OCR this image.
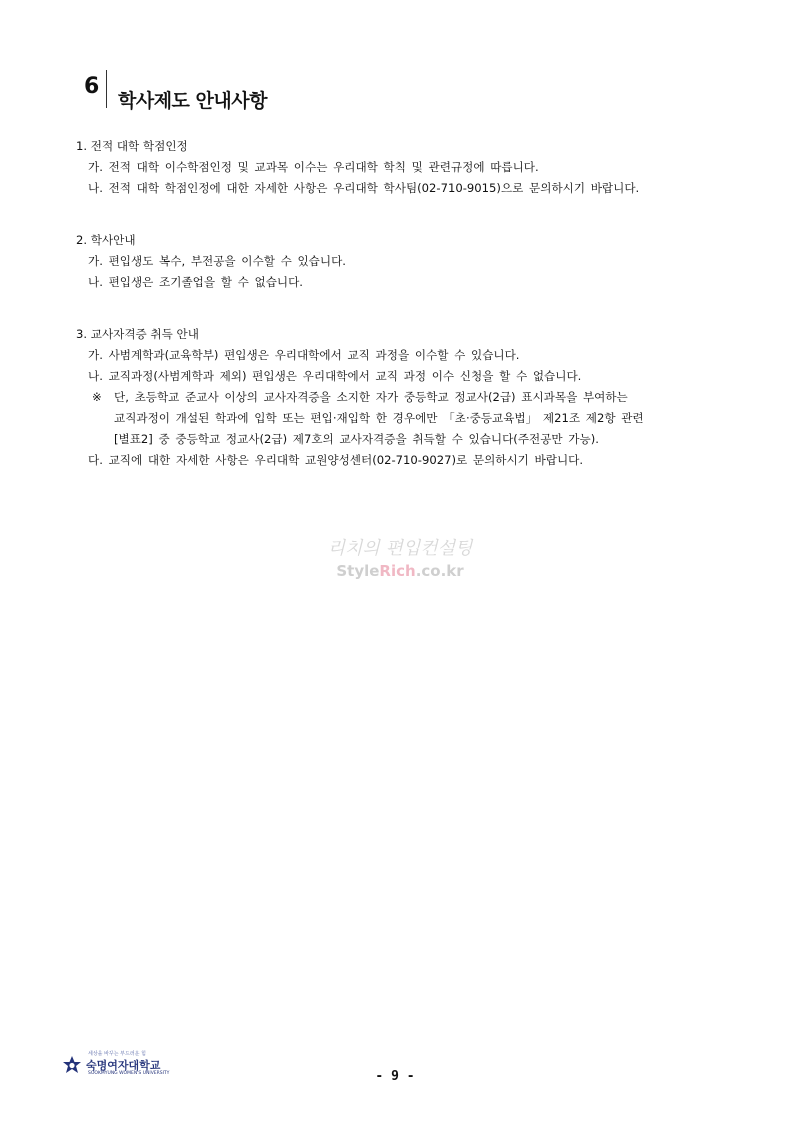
6
학사제도 안내사항
1. 전적 대학 학점인정
가. 전적 대학 이수학점인정 및 교과목 이수는 우리대학 학칙 및 관련규정에 따릅니다.
나. 전적 대학 학점인정에 대한 자세한 사항은 우리대학 학사팀(02-710-9015)으로 문의하시기 바랍니다.
2. 학사안내
가. 편입생도 복수, 부전공을 이수할 수 있습니다.
나. 편입생은 조기졸업을 할 수 없습니다.
3. 교사자격증 취득 안내
가. 사범계학과(교육학부) 편입생은 우리대학에서 교직 과정을 이수할 수 있습니다.
나. 교직과정(사범계학과 제외) 편입생은 우리대학에서 교직 과정 이수 신청을 할 수 없습니다.
※ 단, 초등학교 준교사 이상의 교사자격증을 소지한 자가 중등학교 정교사(2급) 표시과목을 부여하는
교직과정이 개설된 학과에 입학 또는 편입·재입학 한 경우에만 「초·중등교육법」 제21조 제2항 관련
[별표2] 중 중등학교 정교사(2급) 제7호의 교사자격증을 취득할 수 있습니다(주전공만 가능).
다. 교직에 대한 자세한 사항은 우리대학 교원양성센터(02-710-9027)로 문의하시기 바랍니다.
리치의 편입컨설팅
StyleRich.co.kr
세상을 바꾸는 부드러운 힘
숙명여자대학교
SOOKMYUNG WOMEN'S UNIVERSITY	- 9 -
